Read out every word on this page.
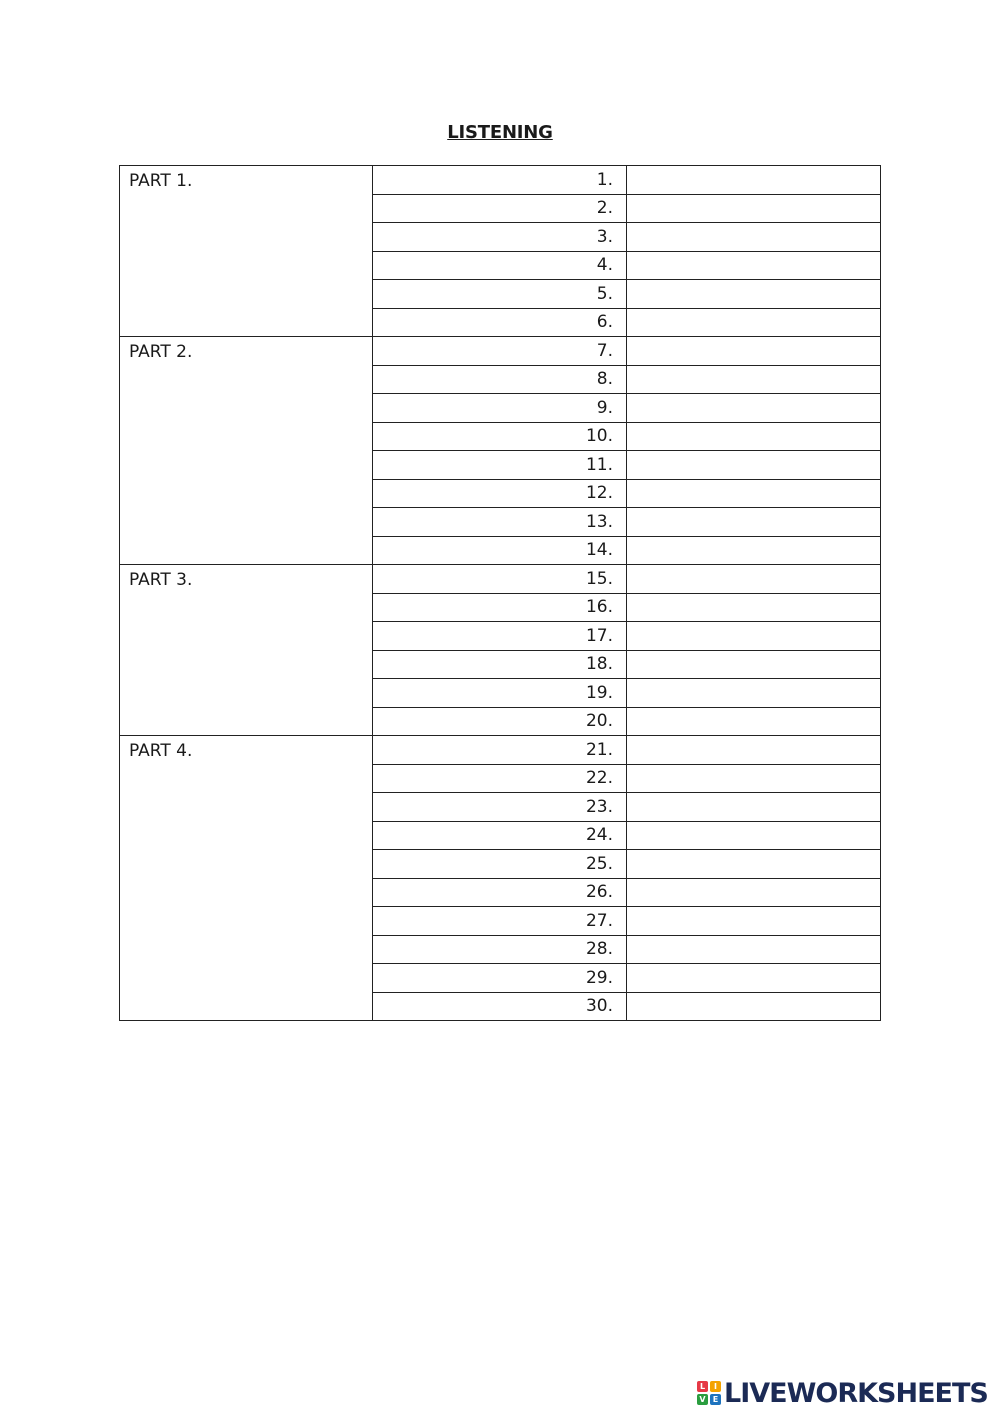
LISTENING
PART 1.	1.	
	2.	
	3.	
	4.	
	5.	
	6.	
PART 2.	7.	
	8.	
	9.	
	10.	
	11.	
	12.	
	13.	
	14.	
PART 3.	15.	
	16.	
	17.	
	18.	
	19.	
	20.	
PART 4.	21.	
	22.	
	23.	
	24.	
	25.	
	26.	
	27.	
	28.	
	29.	
	30.	
L	I
V E LIVEWORKSHEETS
